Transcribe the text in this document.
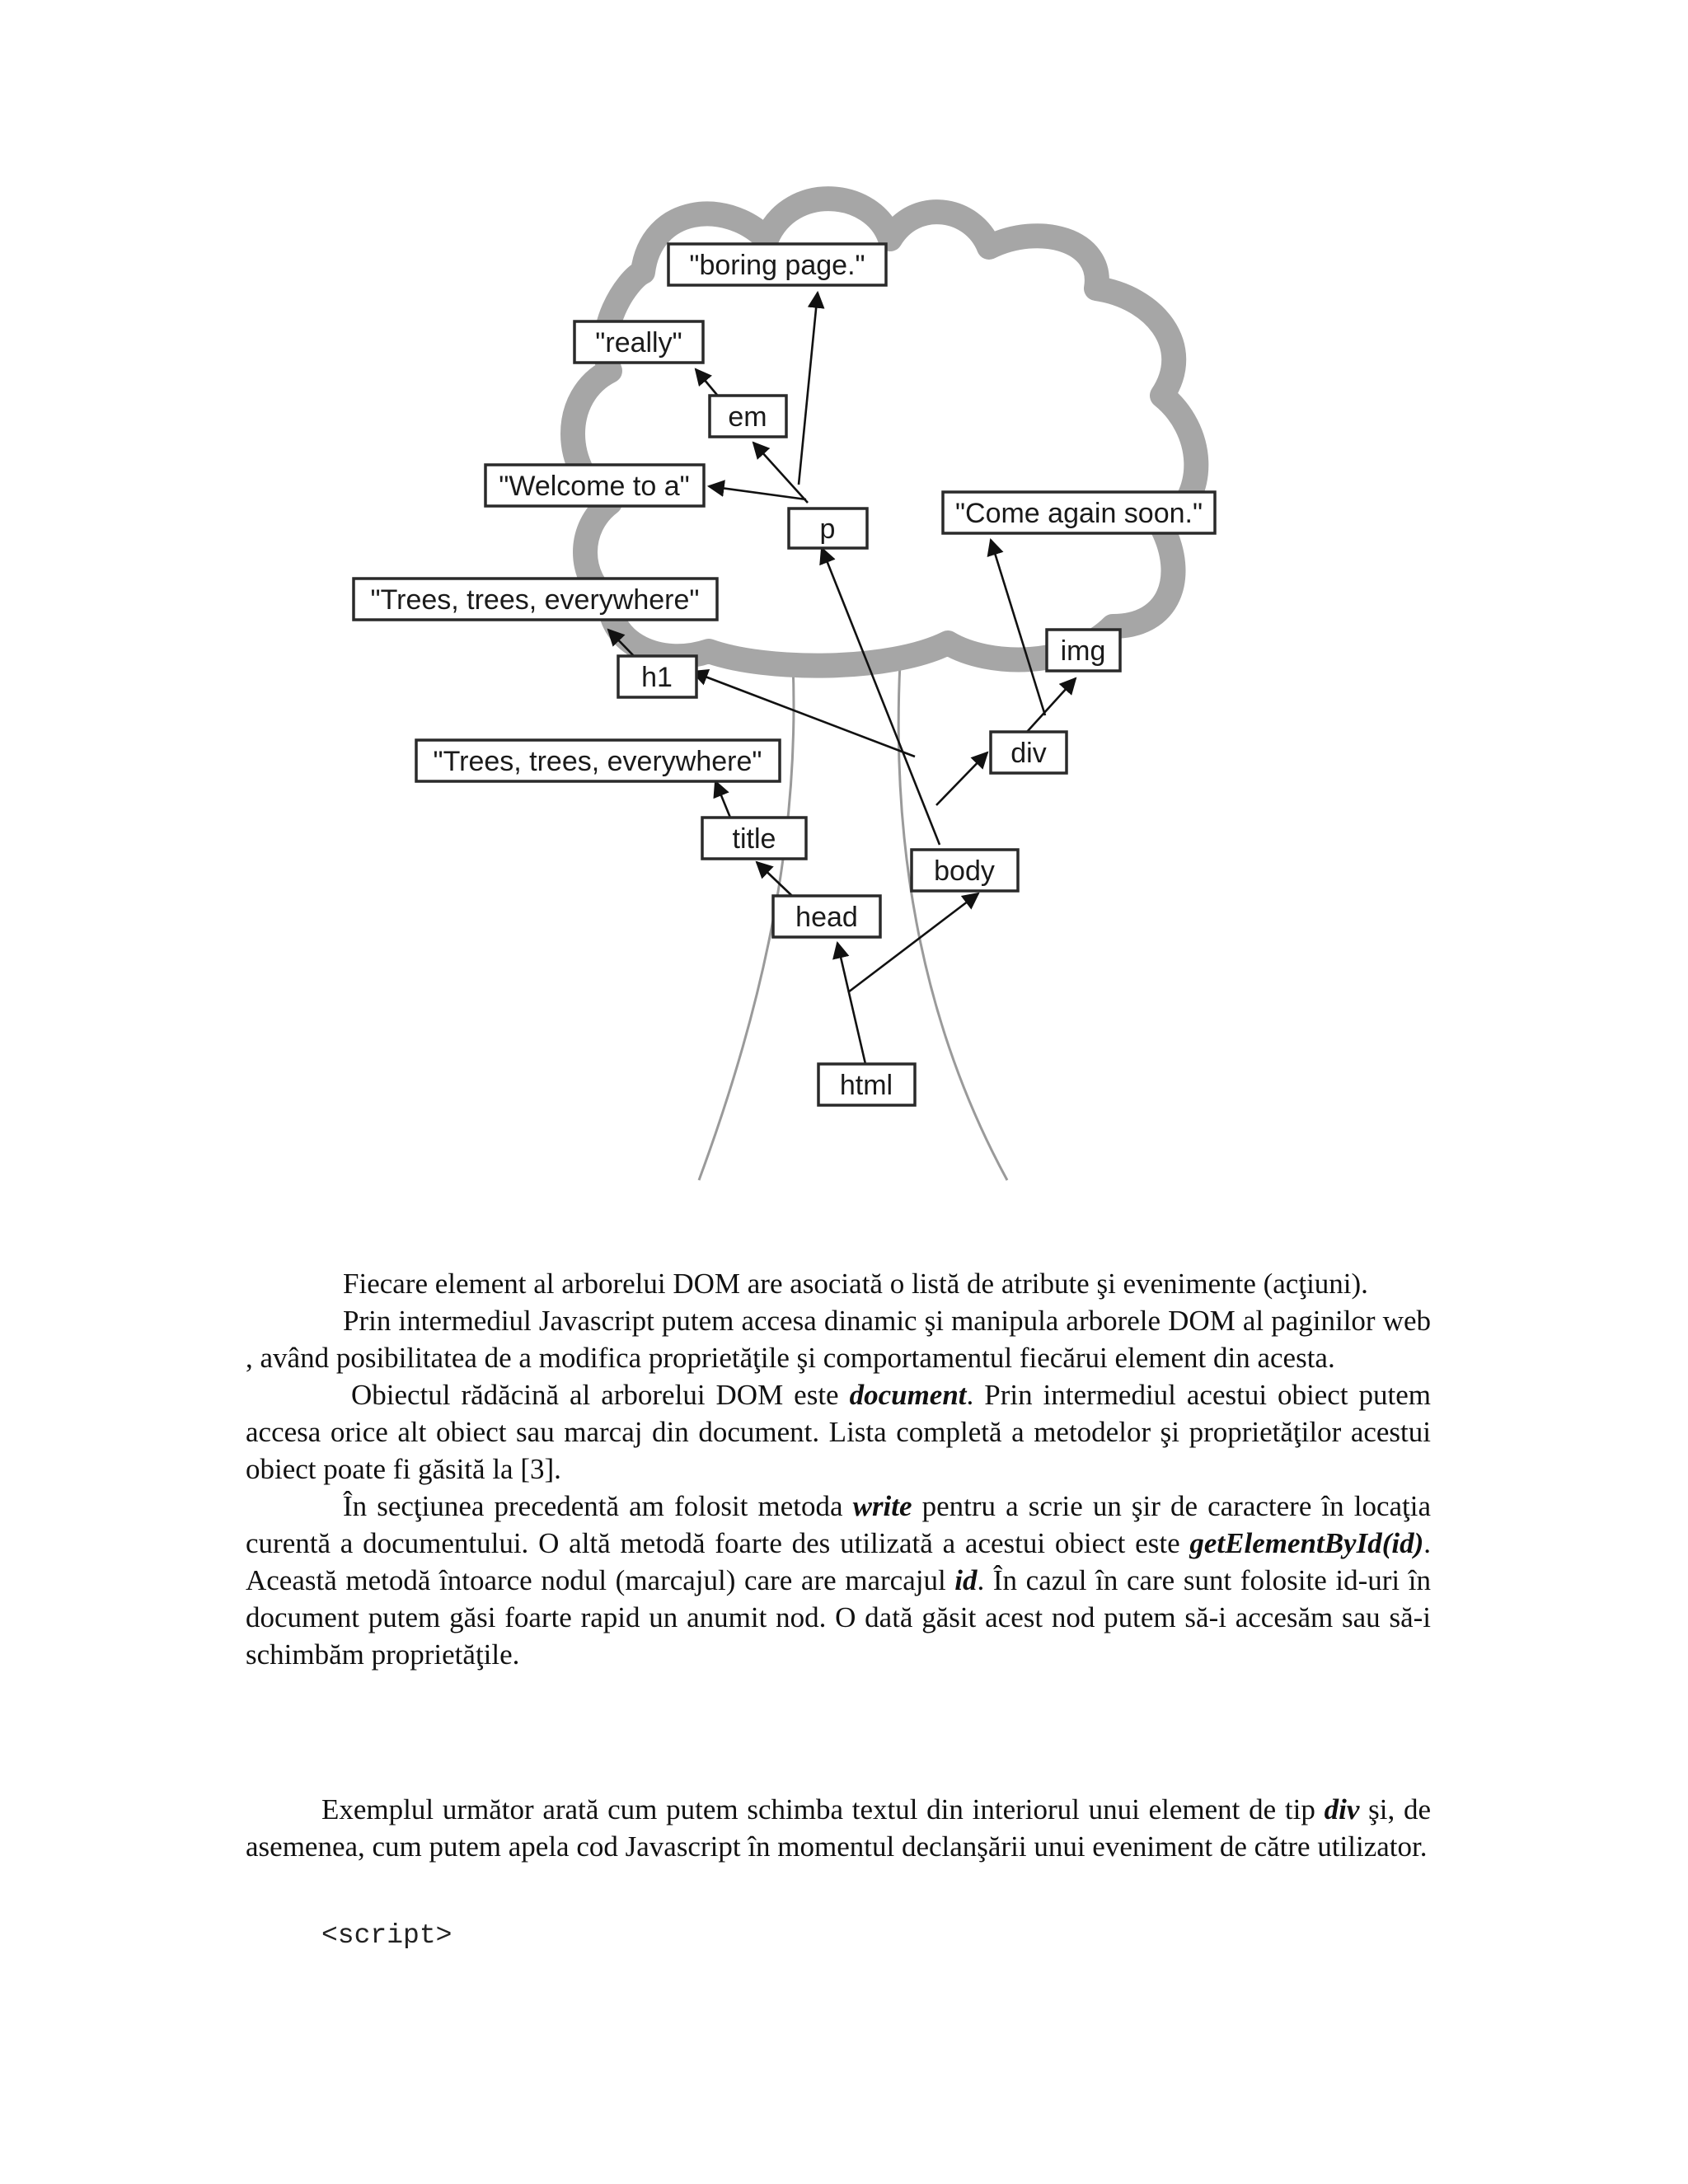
"boring page."
"really"
em
"Welcome to a"
p	"Come again soon."
"Trees, trees, everywhere"
h1
img
"Trees, trees, everywhere"	div
title
body
head
html

Fiecare element al arborelui DOM are asociată o listă de atribute şi evenimente (acţiuni).

Prin intermediul Javascript putem accesa dinamic şi manipula arborele DOM al paginilor web , având posibilitatea de a modifica proprietăţile şi comportamentul fiecărui element din acesta.

Obiectul rădăcină al arborelui DOM este document. Prin intermediul acestui obiect putem accesa orice alt obiect sau marcaj din document. Lista completă a metodelor şi proprietăţilor acestui obiect poate fi găsită la [3].

În secţiunea precedentă am folosit metoda write pentru a scrie un şir de caractere în locaţia curentă a documentului. O altă metodă foarte des utilizată a acestui obiect este getElementById(id). Această metodă întoarce nodul (marcajul) care are marcajul id. În cazul în care sunt folosite id-uri în document putem găsi foarte rapid un anumit nod. O dată găsit acest nod putem să-i accesăm sau să-i schimbăm proprietăţile.

Exemplul următor arată cum putem schimba textul din interiorul unui element de tip div şi, de asemenea, cum putem apela cod Javascript în momentul declanşării unui eveniment de către utilizator.

<script>
